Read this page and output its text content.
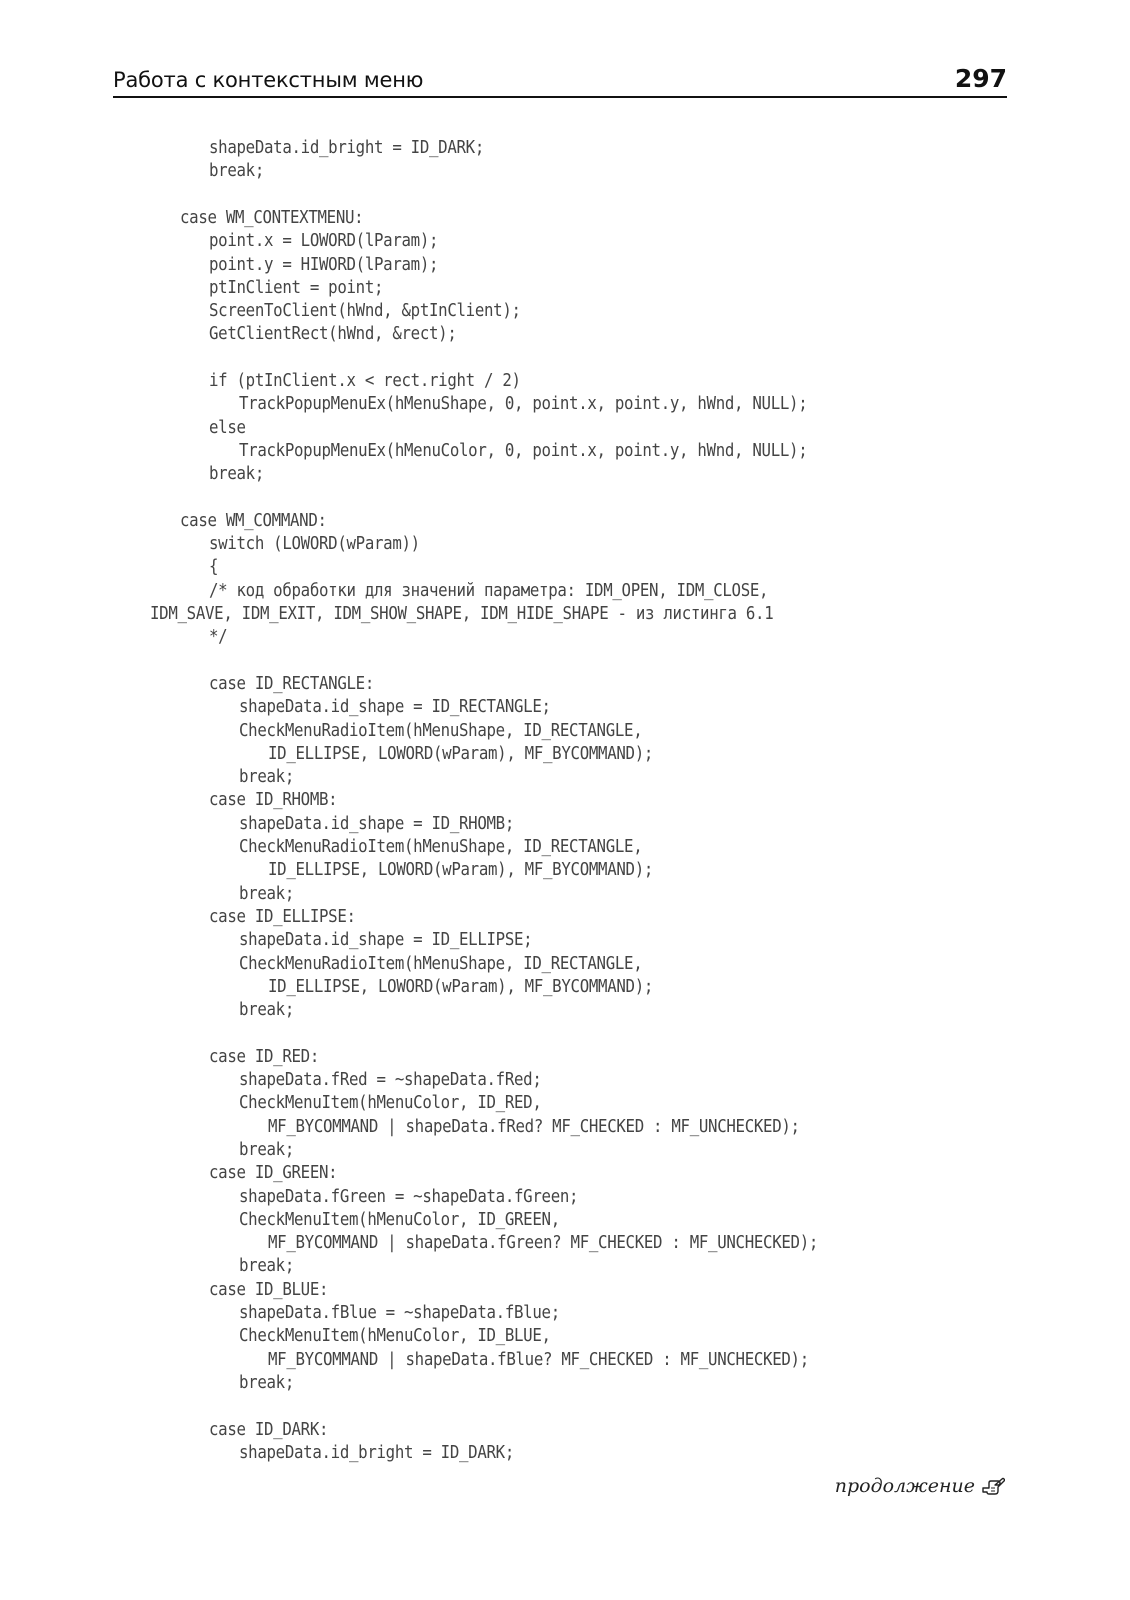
Работа с контекстным меню	297
shapeData.id_bright = ID_DARK;
break;
case WM_CONTEXTMENU:
point.x = LOWORD(lParam);
point.y = HIWORD(lParam);
ptInClient = point;
ScreenToClient(hWnd, &ptInClient);
GetClientRect(hWnd, &rect);
if (ptInClient.x < rect.right / 2)
TrackPopupMenuEx(hMenuShape, 0, point.x, point.y, hWnd, NULL);
else
TrackPopupMenuEx(hMenuColor, 0, point.x, point.y, hWnd, NULL);
break;
case WM_COMMAND:
switch (LOWORD(wParam))
{
/* код обработки для значений параметра: IDM_OPEN, IDM_CLOSE,
IDM_SAVE, IDM_EXIT, IDM_SHOW_SHAPE, IDM_HIDE_SHAPE - из листинга 6.1
*/
case ID_RECTANGLE:
shapeData.id_shape = ID_RECTANGLE;
CheckMenuRadioItem(hMenuShape, ID_RECTANGLE,
ID_ELLIPSE, LOWORD(wParam), MF_BYCOMMAND);
break;
case ID_RHOMB:
shapeData.id_shape = ID_RHOMB;
CheckMenuRadioItem(hMenuShape, ID_RECTANGLE,
ID_ELLIPSE, LOWORD(wParam), MF_BYCOMMAND);
break;
case ID_ELLIPSE:
shapeData.id_shape = ID_ELLIPSE;
CheckMenuRadioItem(hMenuShape, ID_RECTANGLE,
ID_ELLIPSE, LOWORD(wParam), MF_BYCOMMAND);
break;
case ID_RED:
shapeData.fRed = ~shapeData.fRed;
CheckMenuItem(hMenuColor, ID_RED,
MF_BYCOMMAND | shapeData.fRed? MF_CHECKED : MF_UNCHECKED);
break;
case ID_GREEN:
shapeData.fGreen = ~shapeData.fGreen;
CheckMenuItem(hMenuColor, ID_GREEN,
MF_BYCOMMAND | shapeData.fGreen? MF_CHECKED : MF_UNCHECKED);
break;
case ID_BLUE:
shapeData.fBlue = ~shapeData.fBlue;
CheckMenuItem(hMenuColor, ID_BLUE,
MF_BYCOMMAND | shapeData.fBlue? MF_CHECKED : MF_UNCHECKED);
break;
case ID_DARK:
shapeData.id_bright = ID_DARK;
продолжение
